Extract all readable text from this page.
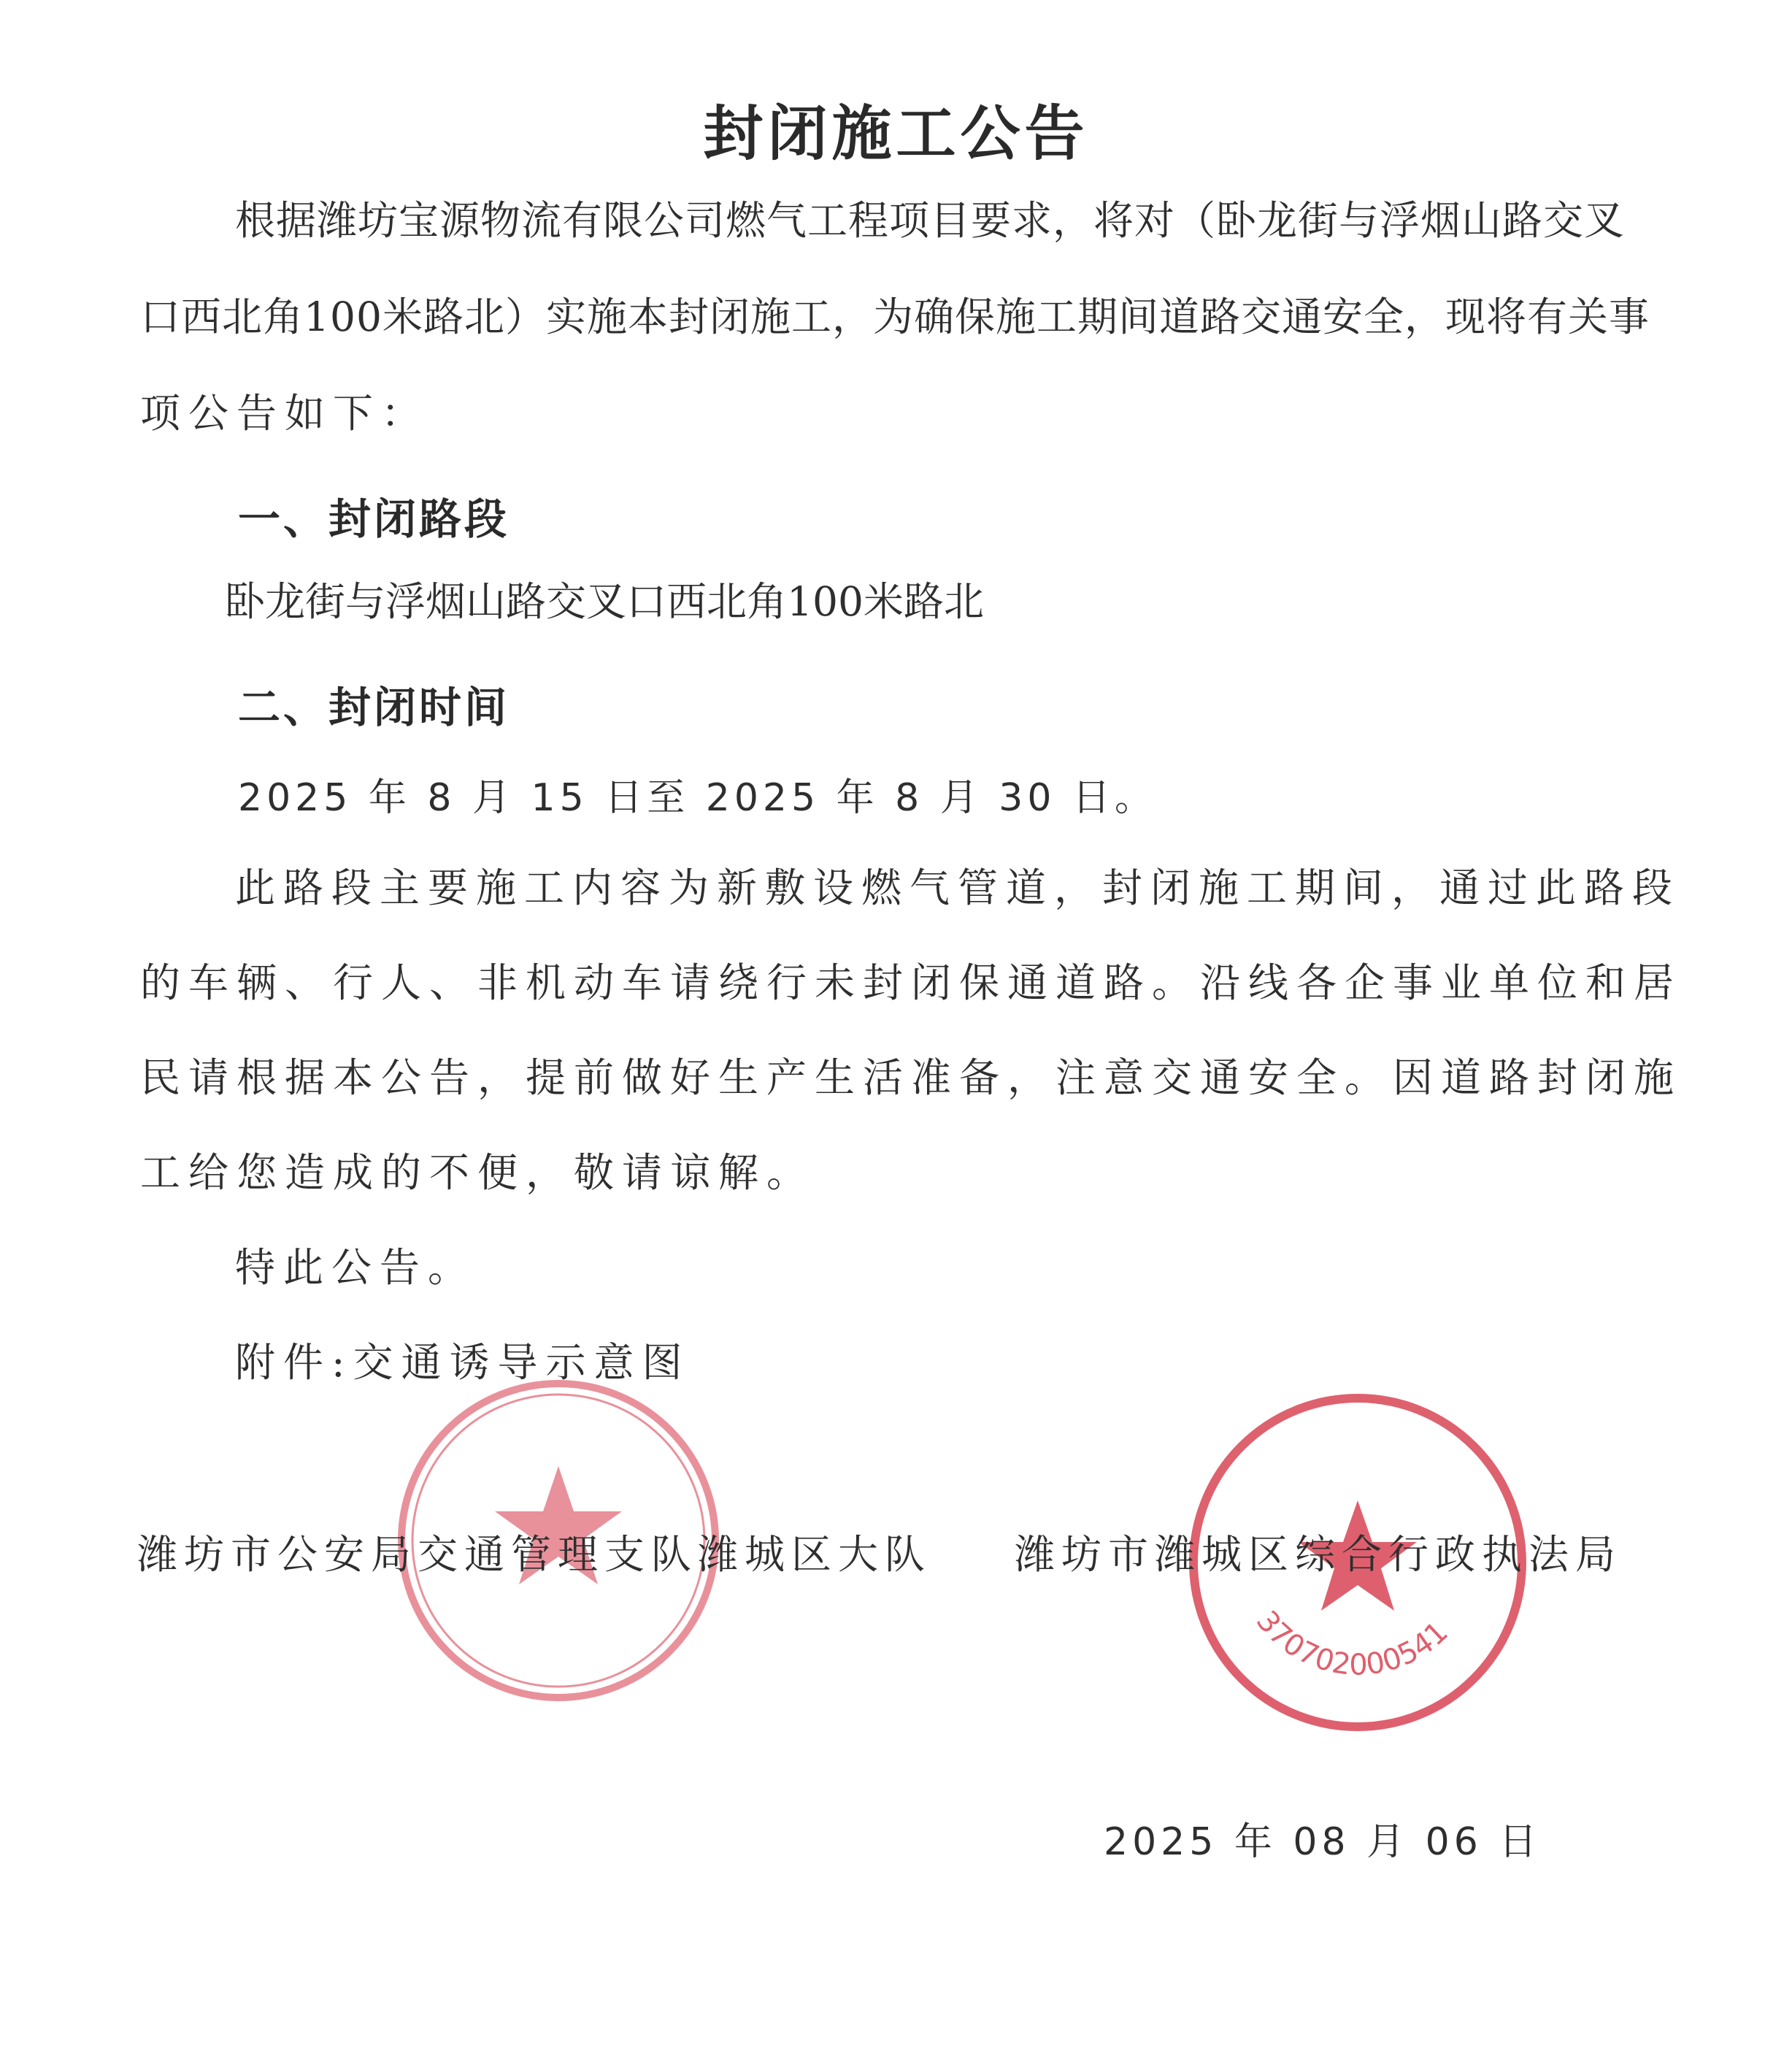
封闭施工公告
根据潍坊宝源物流有限公司燃气工程项目要求，将对（卧龙街与浮烟山路交叉
口西北角100米路北）实施本封闭施工，为确保施工期间道路交通安全，现将有关事
项公告如下：
一、封闭路段
卧龙街与浮烟山路交叉口西北角100米路北
二、封闭时间
2025 年 8 月 15 日至 2025 年 8 月 30 日。
此路段主要施工内容为新敷设燃气管道，封闭施工期间，通过此路段
的车辆、行人、非机动车请绕行未封闭保通道路。沿线各企事业单位和居
民请根据本公告，提前做好生产生活准备，注意交通安全。因道路封闭施
工给您造成的不便，敬请谅解。
特此公告。
附件:交通诱导示意图
370702000541
潍坊市公安局交通管理支队潍城区大队 潍坊市潍城区综合行政执法局
2025 年 08 月 06 日
